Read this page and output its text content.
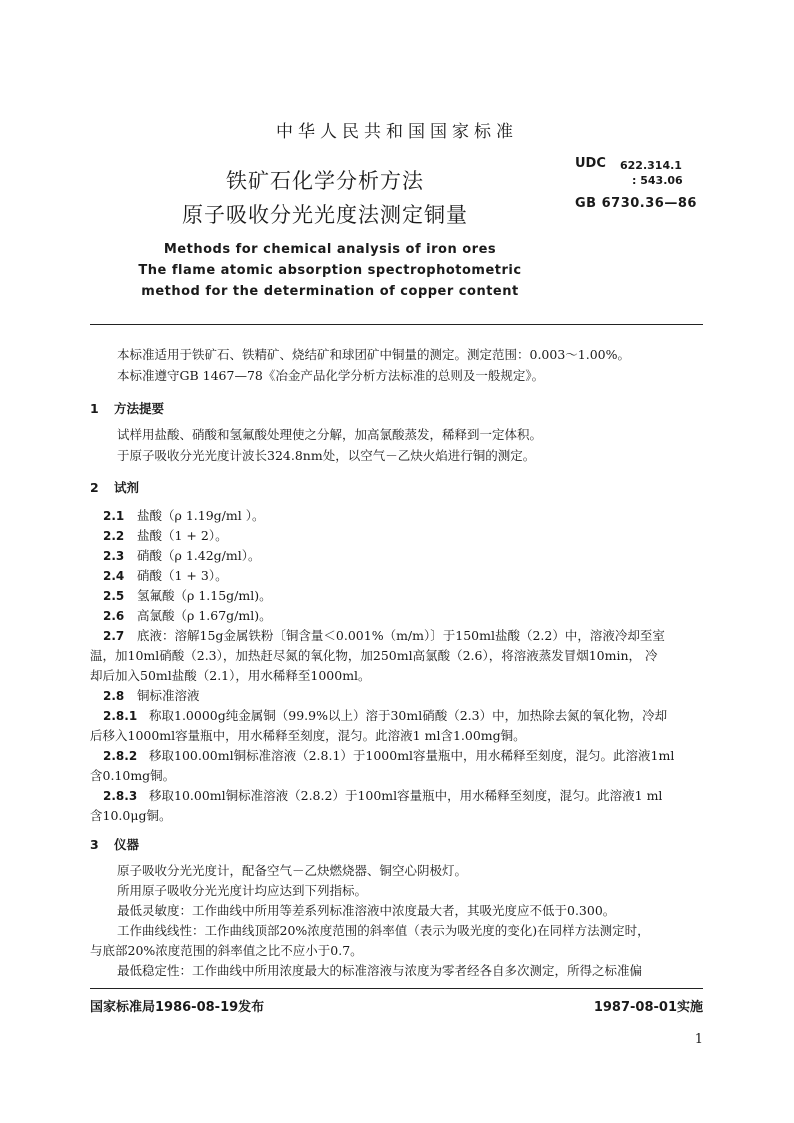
中华人民共和国国家标准
铁矿石化学分析方法
原子吸收分光光度法测定铜量
UDC 622.314.1
: 543.06
GB 6730.36—86
Methods for chemical analysis of iron ores
The flame atomic absorption spectrophotometric
method for the determination of copper content
本标准适用于铁矿石、铁精矿、烧结矿和球团矿中铜量的测定。测定范围：0.003～1.00%。
本标准遵守GB 1467—78《冶金产品化学分析方法标准的总则及一般规定》。
1 方法提要
试样用盐酸、硝酸和氢氟酸处理使之分解，加高氯酸蒸发，稀释到一定体积。
于原子吸收分光光度计波长324.8nm处，以空气－乙炔火焰进行铜的测定。
2 试剂
2.1 盐酸（ρ 1.19g/ml ）。
2.2 盐酸（1 + 2）。
2.3 硝酸（ρ 1.42g/ml）。
2.4 硝酸（1 + 3）。
2.5 氢氟酸（ρ 1.15g/ml)。
2.6 高氯酸（ρ 1.67g/ml)。
2.7 底液：溶解15g金属铁粉〔铜含量＜0.001%（m/m）〕于150ml盐酸（2.2）中，溶液冷却至室
温，加10ml硝酸（2.3），加热赶尽氮的氧化物，加250ml高氯酸（2.6），将溶液蒸发冒烟10min， 冷
却后加入50ml盐酸（2.1），用水稀释至1000ml。
2.8 铜标准溶液
2.8.1 称取1.0000g纯金属铜（99.9%以上）溶于30ml硝酸（2.3）中，加热除去氮的氧化物，冷却
后移入1000ml容量瓶中，用水稀释至刻度，混匀。此溶液1 ml含1.00mg铜。
2.8.2 移取100.00ml铜标准溶液（2.8.1）于1000ml容量瓶中，用水稀释至刻度，混匀。此溶液1ml
含0.10mg铜。
2.8.3 移取10.00ml铜标准溶液（2.8.2）于100ml容量瓶中，用水稀释至刻度，混匀。此溶液1 ml
含10.0μg铜。
3 仪器
原子吸收分光光度计，配备空气－乙炔燃烧器、铜空心阴极灯。
所用原子吸收分光光度计均应达到下列指标。
最低灵敏度：工作曲线中所用等差系列标准溶液中浓度最大者，其吸光度应不低于0.300。
工作曲线线性：工作曲线顶部20%浓度范围的斜率值（表示为吸光度的变化)在同样方法测定时，
与底部20%浓度范围的斜率值之比不应小于0.7。
最低稳定性：工作曲线中所用浓度最大的标准溶液与浓度为零者经各自多次测定，所得之标准偏
国家标准局1986-08-19发布	1987-08-01实施
1
